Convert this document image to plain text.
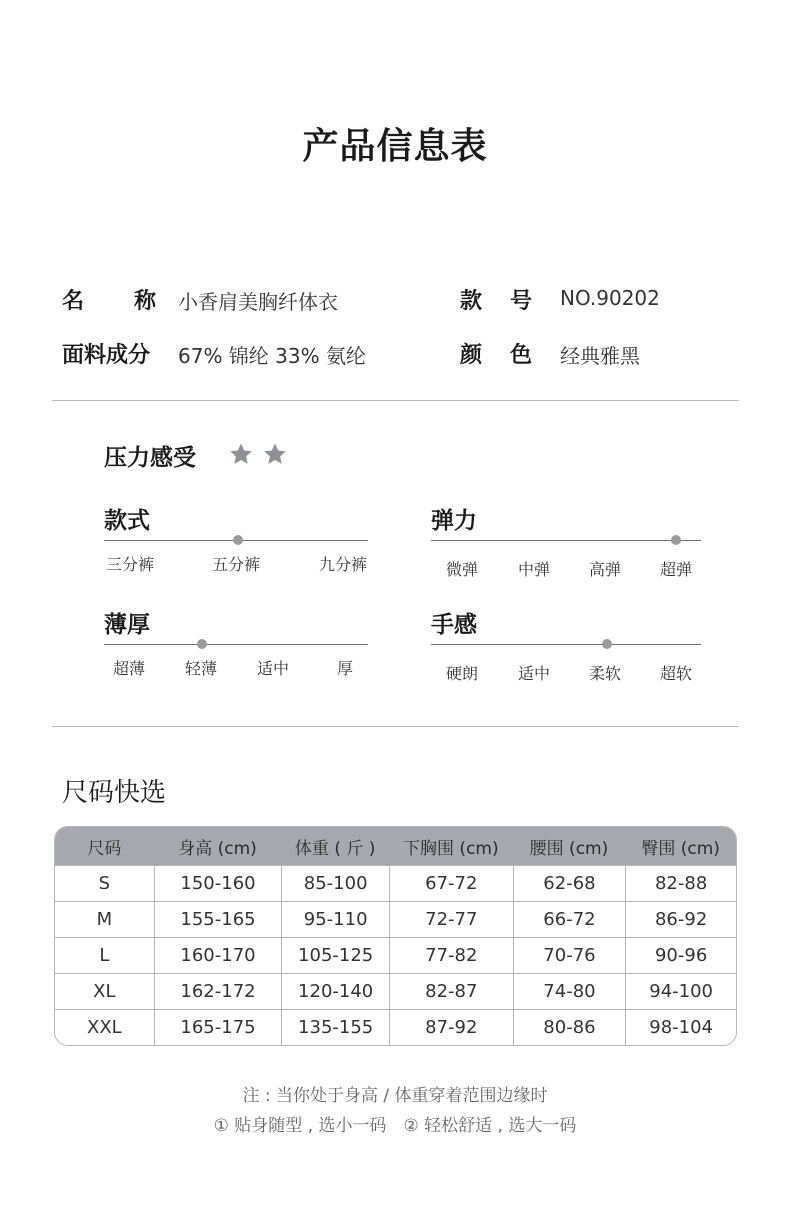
产品信息表
名 称 小香肩美胸纤体衣	款 号 NO.90202
面料成分 67% 锦纶 33% 氨纶	颜 色 经典雅黑
压力感受
款式
三分裤	五分裤	九分裤
弹力
微弹 中弹 高弹 超弹
薄厚
超薄 轻薄 适中	厚
手感
硬朗 适中 柔软 超软
尺码快选
尺码	身高 (cm)	体重 ( 斤 )	下胸围 (cm)	腰围 (cm)	臀围 (cm)
S	150-160	85-100	67-72	62-68	82-88
M	155-165	95-110	72-77	66-72	86-92
L	160-170	105-125	77-82	70-76	90-96
XL	162-172	120-140	82-87	74-80	94-100
XXL	165-175	135-155	87-92	80-86	98-104
注 : 当你处于身高 / 体重穿着范围边缘时
① 贴身随型 , 选小一码　② 轻松舒适 , 选大一码
